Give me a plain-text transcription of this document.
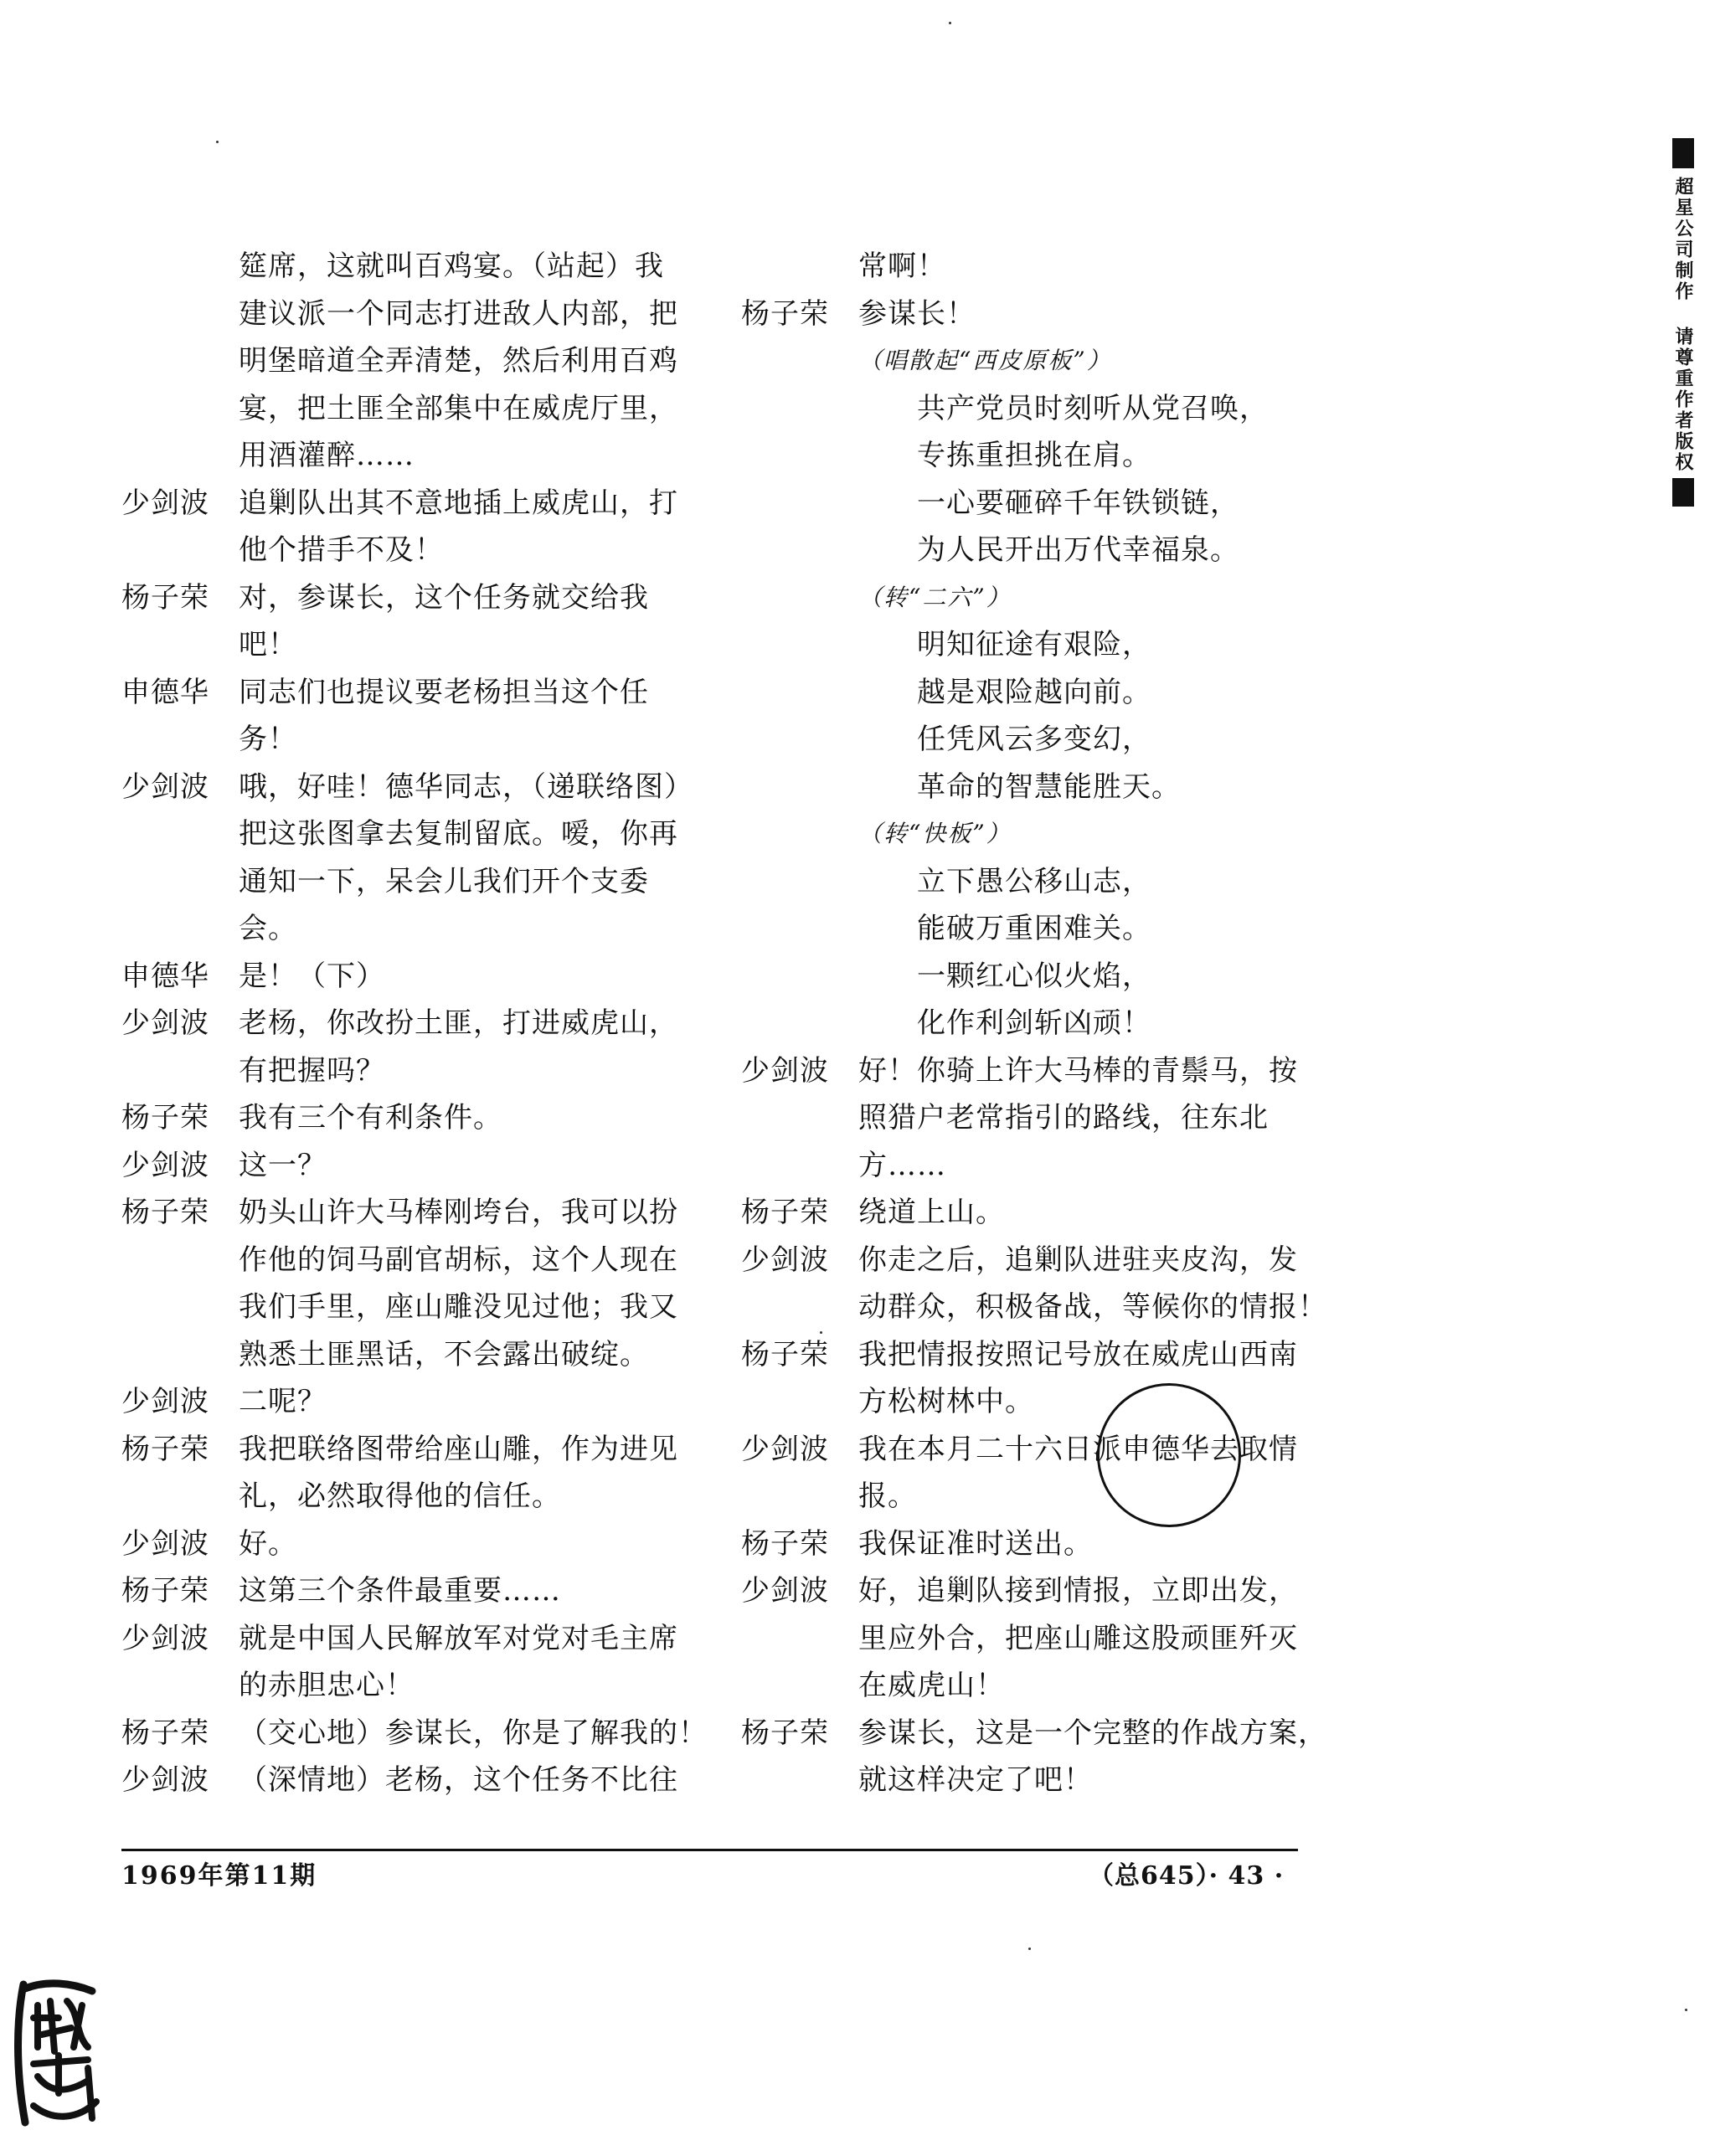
筵席，这就叫百鸡宴。（站起）我
建议派一个同志打进敌人内部，把
明堡暗道全弄清楚，然后利用百鸡
宴，把土匪全部集中在威虎厅里，
用酒灌醉……
少剑波	追剿队出其不意地插上威虎山，打
他个措手不及！
杨子荣	对，参谋长，这个任务就交给我
吧！
申德华	同志们也提议要老杨担当这个任
务！
少剑波	哦，好哇！德华同志，（递联络图）
把这张图拿去复制留底。嗳，你再
通知一下，呆会儿我们开个支委
会。
申德华	是！（下）
少剑波	老杨，你改扮土匪，打进威虎山，
有把握吗？
杨子荣	我有三个有利条件。
少剑波	这一？
杨子荣	奶头山许大马棒刚垮台，我可以扮
作他的饲马副官胡标，这个人现在
我们手里，座山雕没见过他；我又
熟悉土匪黑话，不会露出破绽。
少剑波	二呢？
杨子荣	我把联络图带给座山雕，作为进见
礼，必然取得他的信任。
少剑波	好。
杨子荣	这第三个条件最重要……
少剑波	就是中国人民解放军对党对毛主席
的赤胆忠心！
杨子荣	（交心地）参谋长，你是了解我的！
少剑波	（深情地）老杨，这个任务不比往
常啊！
杨子荣	参谋长！
（唱散起“西皮原板”）
共产党员时刻听从党召唤，
专拣重担挑在肩。
一心要砸碎千年铁锁链，
为人民开出万代幸福泉。
（转“二六”）
明知征途有艰险，
越是艰险越向前。
任凭风云多变幻，
革命的智慧能胜天。
（转“快板”）
立下愚公移山志，
能破万重困难关。
一颗红心似火焰，
化作利剑斩凶顽！
少剑波	好！你骑上许大马棒的青鬃马，按
照猎户老常指引的路线，往东北
方……
杨子荣	绕道上山。
少剑波	你走之后，追剿队进驻夹皮沟，发
动群众，积极备战，等候你的情报！
杨子荣	我把情报按照记号放在威虎山西南
方松树林中。
少剑波	我在本月二十六日派申德华去取情
报。
杨子荣	我保证准时送出。
少剑波	好，追剿队接到情报，立即出发，
里应外合，把座山雕这股顽匪歼灭
在威虎山！
杨子荣	参谋长，这是一个完整的作战方案，
就这样决定了吧！
1969年第11期	（总645）· 43 ·
超星公司制作 请尊重作者版权
